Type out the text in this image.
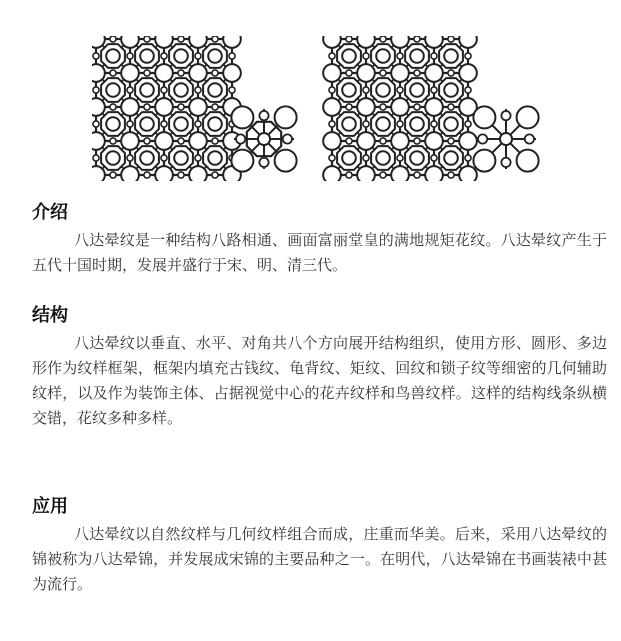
介绍

八达晕纹是一种结构八路相通、画面富丽堂皇的满地规矩花纹。八达晕纹产生于五代十国时期，发展并盛行于宋、明、清三代。

结构

八达晕纹以垂直、水平、对角共八个方向展开结构组织，使用方形、圆形、多边形作为纹样框架，框架内填充古钱纹、龟背纹、矩纹、回纹和锁子纹等细密的几何辅助纹样，以及作为装饰主体、占据视觉中心的花卉纹样和鸟兽纹样。这样的结构线条纵横交错，花纹多种多样。

应用

八达晕纹以自然纹样与几何纹样组合而成，庄重而华美。后来，采用八达晕纹的锦被称为八达晕锦，并发展成宋锦的主要品种之一。在明代，八达晕锦在书画装裱中甚为流行。
